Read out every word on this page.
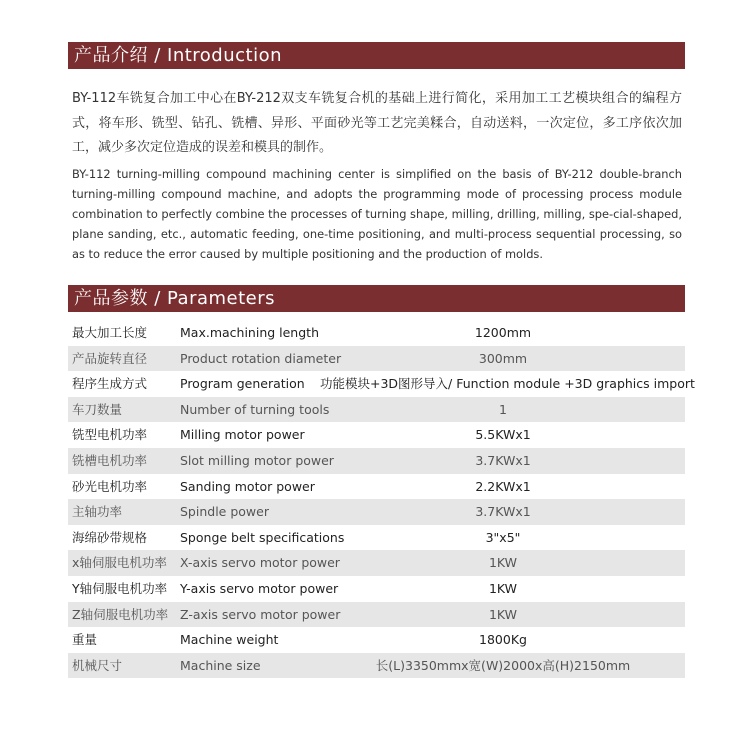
产品介绍 / Introduction
BY-112车铣复合加工中心在BY-212双支车铣复合机的基础上进行简化，采用加工工艺模块组合的编程方式，将车形、铣型、钻孔、铣槽、异形、平面砂光等工艺完美糅合，自动送料，一次定位，多工序依次加工，减少多次定位造成的误差和模具的制作。
BY-112 turning-milling compound machining center is simplified on the basis of BY-212 double-branch turning-milling compound machine, and adopts the programming mode of processing process module combination to perfectly combine the processes of turning shape, milling, drilling, milling, spe-cial-shaped, plane sanding, etc., automatic feeding, one-time positioning, and multi-process sequential processing, so as to reduce the error caused by multiple positioning and the production of molds.
产品参数 / Parameters
最大加工长度	Max.machining length	1200mm
产品旋转直径	Product rotation diameter	300mm
程序生成方式	Program generation 功能模块+3D图形导入/ Function module +3D graphics import
车刀数量	Number of turning tools	1
铣型电机功率	Milling motor power	5.5KWx1
铣槽电机功率	Slot milling motor power	3.7KWx1
砂光电机功率	Sanding motor power	2.2KWx1
主轴功率	Spindle power	3.7KWx1
海绵砂带规格	Sponge belt specifications	3"x5"
x轴伺服电机功率 X-axis servo motor power	1KW
Y轴伺服电机功率 Y-axis servo motor power	1KW
Z轴伺服电机功率 Z-axis servo motor power	1KW
重量	Machine weight	1800Kg
机械尺寸	Machine size	长(L)3350mmx宽(W)2000x高(H)2150mm
